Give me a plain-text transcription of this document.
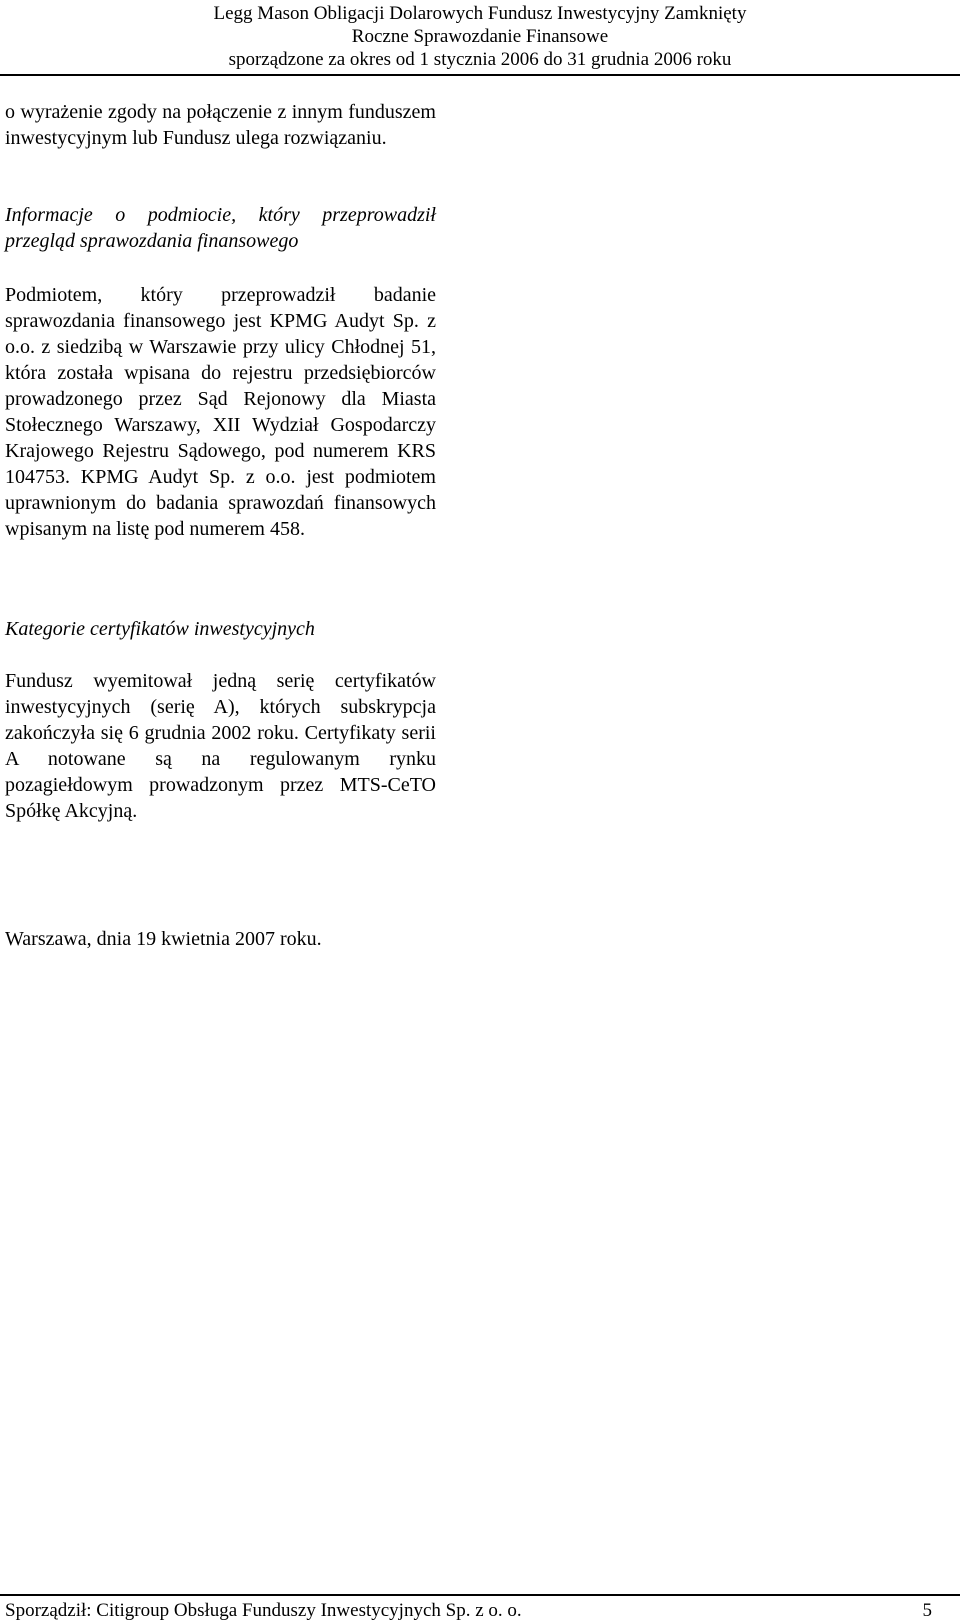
Legg Mason Obligacji Dolarowych Fundusz Inwestycyjny Zamknięty
Roczne Sprawozdanie Finansowe
sporządzone za okres od 1 stycznia 2006 do 31 grudnia 2006 roku

o wyrażenie zgody na połączenie z innym funduszem inwestycyjnym lub Fundusz ulega rozwiązaniu.

Informacje o podmiocie, który przeprowadził przegląd sprawozdania finansowego

Podmiotem, który przeprowadził badanie sprawozdania finansowego jest KPMG Audyt Sp. z o.o. z siedzibą w Warszawie przy ulicy Chłodnej 51, która została wpisana do rejestru przedsiębiorców prowadzonego przez Sąd Rejonowy dla Miasta Stołecznego Warszawy, XII Wydział Gospodarczy Krajowego Rejestru Sądowego, pod numerem KRS 104753. KPMG Audyt Sp. z o.o. jest podmiotem uprawnionym do badania sprawozdań finansowych wpisanym na listę pod numerem 458.

Kategorie certyfikatów inwestycyjnych

Fundusz wyemitował jedną serię certyfikatów inwestycyjnych (serię A), których subskrypcja zakończyła się 6 grudnia 2002 roku. Certyfikaty serii A notowane są na regulowanym rynku pozagiełdowym prowadzonym przez MTS-CeTO Spółkę Akcyjną.

Warszawa, dnia 19 kwietnia 2007 roku.

Sporządził: Citigroup Obsługa Funduszy Inwestycyjnych Sp. z o. o.	5
